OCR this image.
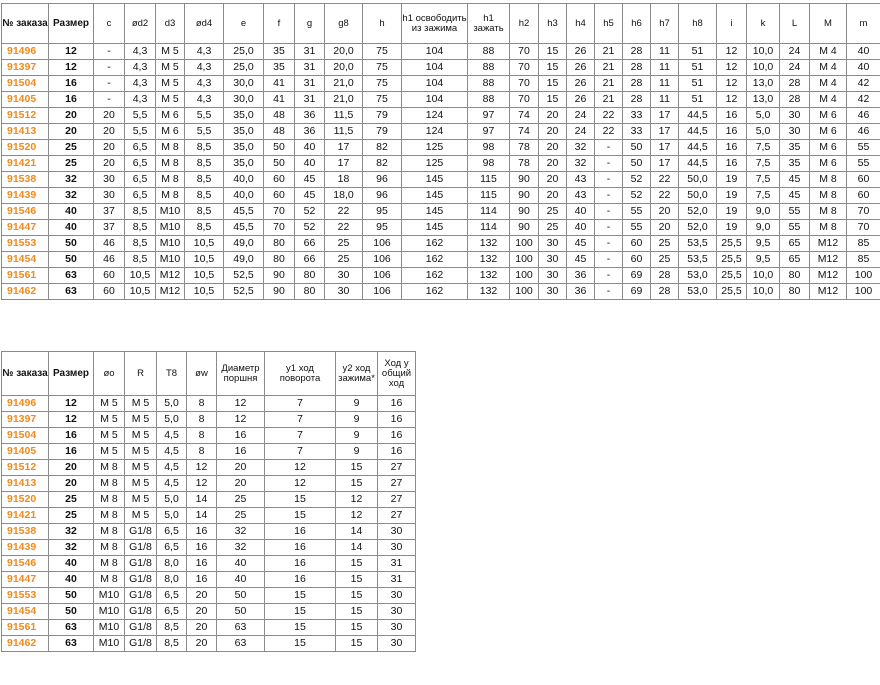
№ заказа	Размер	c	ød2	d3	ød4	e	f	g	g8	h	h1 освободить из зажима	h1 зажать	h2	h3	h4	h5	h6	h7	h8	i	k	L	M	m
91496	12	-	4,3	M 5	4,3	25,0	35	31	20,0	75	104	88	70	15	26	21	28	11	51	12	10,0	24	M 4	40
91397	12	-	4,3	M 5	4,3	25,0	35	31	20,0	75	104	88	70	15	26	21	28	11	51	12	10,0	24	M 4	40
91504	16	-	4,3	M 5	4,3	30,0	41	31	21,0	75	104	88	70	15	26	21	28	11	51	12	13,0	28	M 4	42
91405	16	-	4,3	M 5	4,3	30,0	41	31	21,0	75	104	88	70	15	26	21	28	11	51	12	13,0	28	M 4	42
91512	20	20	5,5	M 6	5,5	35,0	48	36	11,5	79	124	97	74	20	24	22	33	17	44,5	16	5,0	30	M 6	46
91413	20	20	5,5	M 6	5,5	35,0	48	36	11,5	79	124	97	74	20	24	22	33	17	44,5	16	5,0	30	M 6	46
91520	25	20	6,5	M 8	8,5	35,0	50	40	17	82	125	98	78	20	32	-	50	17	44,5	16	7,5	35	M 6	55
91421	25	20	6,5	M 8	8,5	35,0	50	40	17	82	125	98	78	20	32	-	50	17	44,5	16	7,5	35	M 6	55
91538	32	30	6,5	M 8	8,5	40,0	60	45	18	96	145	115	90	20	43	-	52	22	50,0	19	7,5	45	M 8	60
91439	32	30	6,5	M 8	8,5	40,0	60	45	18,0	96	145	115	90	20	43	-	52	22	50,0	19	7,5	45	M 8	60
91546	40	37	8,5	M10	8,5	45,5	70	52	22	95	145	114	90	25	40	-	55	20	52,0	19	9,0	55	M 8	70
91447	40	37	8,5	M10	8,5	45,5	70	52	22	95	145	114	90	25	40	-	55	20	52,0	19	9,0	55	M 8	70
91553	50	46	8,5	M10	10,5	49,0	80	66	25	106	162	132	100	30	45	-	60	25	53,5	25,5	9,5	65	M12	85
91454	50	46	8,5	M10	10,5	49,0	80	66	25	106	162	132	100	30	45	-	60	25	53,5	25,5	9,5	65	M12	85
91561	63	60	10,5	M12	10,5	52,5	90	80	30	106	162	132	100	30	36	-	69	28	53,0	25,5	10,0	80	M12	100
91462	63	60	10,5	M12	10,5	52,5	90	80	30	106	162	132	100	30	36	-	69	28	53,0	25,5	10,0	80	M12	100
№ заказа	Размер	øo	R	T8	øw	Диаметр поршня	y1 ход поворота	y2 ход зажима*	Ход у общий ход
91496	12	M 5	M 5	5,0	8	12	7	9	16
91397	12	M 5	M 5	5,0	8	12	7	9	16
91504	16	M 5	M 5	4,5	8	16	7	9	16
91405	16	M 5	M 5	4,5	8	16	7	9	16
91512	20	M 8	M 5	4,5	12	20	12	15	27
91413	20	M 8	M 5	4,5	12	20	12	15	27
91520	25	M 8	M 5	5,0	14	25	15	12	27
91421	25	M 8	M 5	5,0	14	25	15	12	27
91538	32	M 8	G1/8	6,5	16	32	16	14	30
91439	32	M 8	G1/8	6,5	16	32	16	14	30
91546	40	M 8	G1/8	8,0	16	40	16	15	31
91447	40	M 8	G1/8	8,0	16	40	16	15	31
91553	50	M10	G1/8	6,5	20	50	15	15	30
91454	50	M10	G1/8	6,5	20	50	15	15	30
91561	63	M10	G1/8	8,5	20	63	15	15	30
91462	63	M10	G1/8	8,5	20	63	15	15	30
